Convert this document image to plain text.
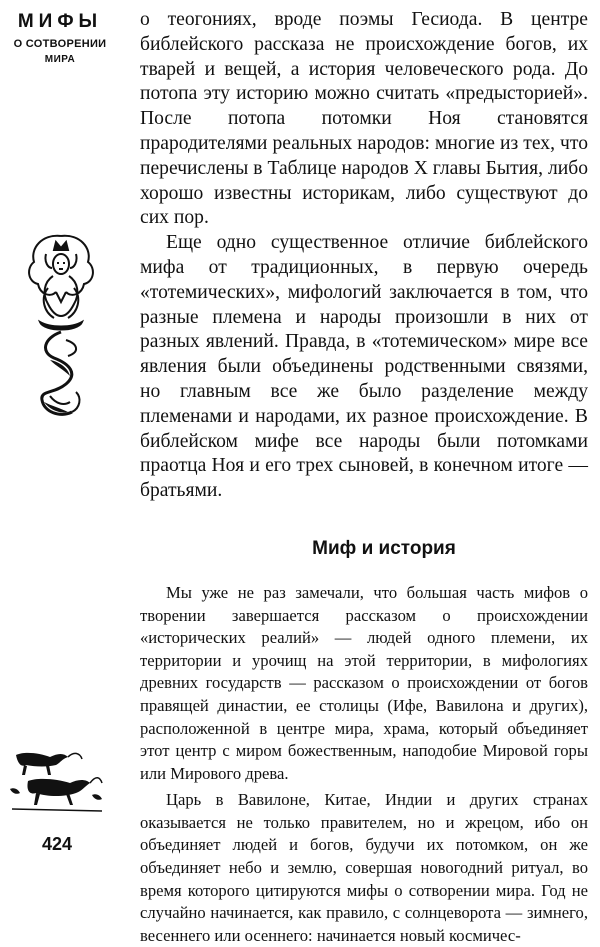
МИФЫ
О СОТВОРЕНИИ
МИРА
424

о теогониях, вроде поэмы Гесиода. В центре библейского рассказа не происхождение богов, их тварей и вещей, а история человеческого рода. До потопа эту историю можно считать «предысторией». После потопа потомки Ноя становятся прародителями реальных народов: многие из тех, что перечислены в Таблице народов X главы Бытия, либо хорошо известны историкам, либо существуют до сих пор.

Еще одно существенное отличие библейского мифа от традиционных, в первую очередь «тотемических», мифологий заключается в том, что разные племена и народы произошли в них от разных явлений. Правда, в «тотемическом» мире все явления были объединены родственными связями, но главным все же было разделение между племенами и народами, их разное происхождение. В библейском мифе все народы были потомками праотца Ноя и его трех сыновей, в конечном итоге — братьями.

Миф и история

Мы уже не раз замечали, что большая часть мифов о творении завершается рассказом о происхождении «исторических реалий» — людей одного племени, их территории и урочищ на этой территории, в мифологиях древних государств — рассказом о происхождении от богов правящей династии, ее столицы (Ифе, Вавилона и других), расположенной в центре мира, храма, который объединяет этот центр с миром божественным, наподобие Мировой горы или Мирового древа.

Царь в Вавилоне, Китае, Индии и других странах оказывается не только правителем, но и жрецом, ибо он объединяет людей и богов, будучи их потомком, он же объединяет небо и землю, совершая новогодний ритуал, во время которого цитируются мифы о сотворении мира. Год не случайно начинается, как правило, с солнцеворота — зимнего, весеннего или осеннего: начинается новый космичес-
